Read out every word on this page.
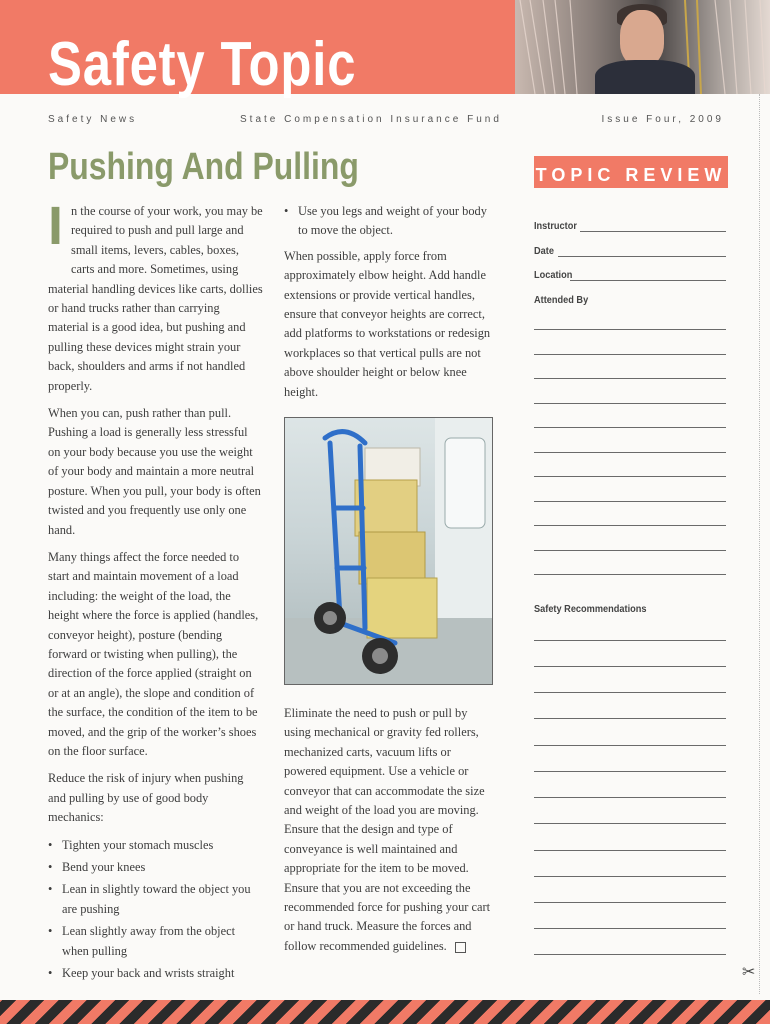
Safety Topic
Safety News	State Compensation Insurance Fund	Issue Four, 2009
Pushing And Pulling

In the course of your work, you may be required to push and pull large and small items, levers, cables, boxes, carts and more. Sometimes, using material handling devices like carts, dollies or hand trucks rather than carrying material is a good idea, but pushing and pulling these devices might strain your back, shoulders and arms if not handled properly.

When you can, push rather than pull. Pushing a load is generally less stressful on your body because you use the weight of your body and maintain a more neutral posture. When you pull, your body is often twisted and you frequently use only one hand.

Many things affect the force needed to start and maintain movement of a load including: the weight of the load, the height where the force is applied (handles, conveyor height), posture (bending forward or twisting when pulling), the direction of the force applied (straight on or at an angle), the slope and condition of the surface, the condition of the item to be moved, and the grip of the worker’s shoes on the floor surface.

Reduce the risk of injury when pushing and pulling by use of good body mechanics:

• Tighten your stomach muscles
• Bend your knees
• Lean in slightly toward the object you are pushing
• Lean slightly away from the object when pulling
• Keep your back and wrists straight
• Use you legs and weight of your body to move the object.

When possible, apply force from approximately elbow height. Add handle extensions or provide vertical handles, ensure that conveyor heights are correct, add platforms to workstations or redesign workplaces so that vertical pulls are not above shoulder height or below knee height.

Eliminate the need to push or pull by using mechanical or gravity fed rollers, mechanized carts, vacuum lifts or powered equipment. Use a vehicle or conveyor that can accommodate the size and weight of the load you are moving. Ensure that the design and type of conveyance is well maintained and appropriate for the item to be moved. Ensure that you are not exceeding the recommended force for pushing your cart or hand truck. Measure the forces and follow recommended guidelines.

TOPIC REVIEW
Instructor
Date
Location
Attended By
Safety Recommendations
✂
